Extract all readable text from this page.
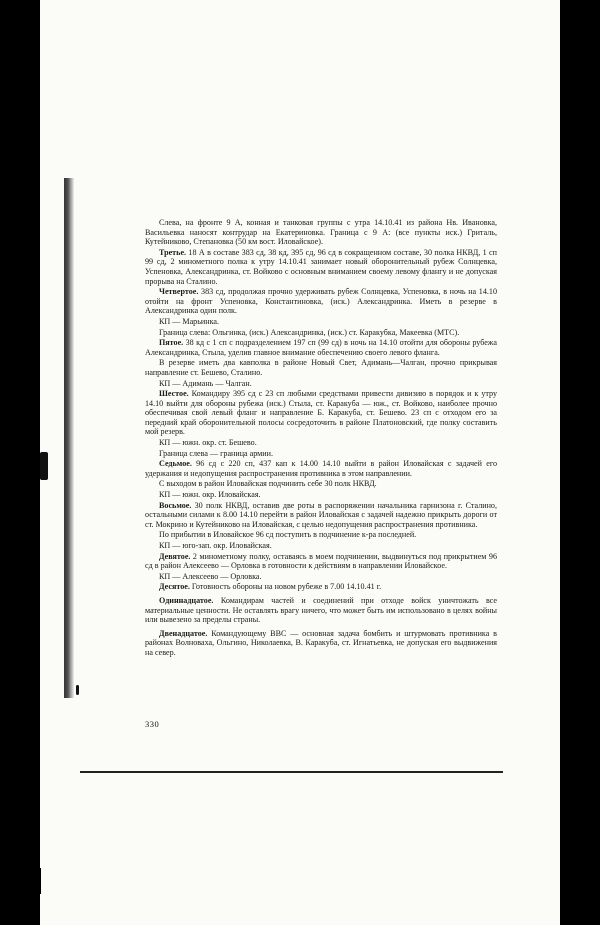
Слева, на фронте 9 А, конная и танковая группы с утра 14.10.41 из района Нв. Ивановка, Васильевка наносят контрудар на Екатериновка. Граница с 9 А: (все пункты иск.) Гриталь, Кутейниково, Степановка (50 км вост. Иловайское).

Третье. 18 А в составе 383 сд, 38 кд, 395 сд, 96 сд в сокращенном составе, 30 полка НКВД, 1 сп 99 сд, 2 минометного полка к утру 14.10.41 занимает новый оборонительный рубеж Солнцевка, Успеновка, Александринка, ст. Войково с основным вниманием своему левому флангу и не допуская прорыва на Сталино.

Четвертое. 383 сд, продолжая прочно удерживать рубеж Солнцевка, Успеновка, в ночь на 14.10 отойти на фронт Успеновка, Константиновка, (иск.) Александринка. Иметь в резерве в Александринка один полк.

КП — Марьинка.

Граница слева: Ольгинка, (иск.) Александринка, (иск.) ст. Каракубка, Макеевка (МТС).

Пятое. 38 кд с 1 сп с подразделением 197 сп (99 сд) в ночь на 14.10 отойти для обороны рубежа Александринка, Стыла, уделив главное внимание обеспечению своего левого фланга.

В резерве иметь два кавполка в районе Новый Свет, Адимань—Чалган, прочно прикрывая направление ст. Бешево, Сталино.

КП — Адимань — Чалган.

Шестое. Командиру 395 сд с 23 сп любыми средствами привести дивизию в порядок и к утру 14.10 выйти для обороны рубежа (иск.) Стыла, ст. Каракуба — юж., ст. Войково, наиболее прочно обеспечивая свой левый фланг и направление Б. Каракуба, ст. Бешево. 23 сп с отходом его за передний край оборонительной полосы сосредоточить в районе Платоновский, где полку составить мой резерв.

КП — южн. окр. ст. Бешево.

Граница слева — граница армии.

Седьмое. 96 сд с 220 сп, 437 кап к 14.00 14.10 выйти в район Иловайская с задачей его удержания и недопущения распространения противника в этом направлении.

С выходом в район Иловайская подчинить себе 30 полк НКВД.

КП — южн. окр. Иловайская.

Восьмое. 30 полк НКВД, оставив две роты в распоряжении начальника гарнизона г. Сталино, остальными силами к 8.00 14.10 перейти в район Иловайская с задачей надежно прикрыть дороги от ст. Мокрино и Кутейниково на Иловайская, с целью недопущения распространения противника.

По прибытии в Иловайское 96 сд поступить в подчинение к-ра последней.

КП — юго-зап. окр. Иловайская.

Девятое. 2 минометному полку, оставаясь в моем подчинении, выдвинуться под прикрытием 96 сд в район Алексеево — Орловка в готовности к действиям в направлении Иловайское.

КП — Алексеево — Орловка.

Десятое. Готовность обороны на новом рубеже в 7.00 14.10.41 г.

Одиннадцатое. Командирам частей и соединений при отходе войск уничтожать все материальные ценности. Не оставлять врагу ничего, что может быть им использовано в целях войны или вывезено за пределы страны.

Двенадцатое. Командующему ВВС — основная задача бомбить и штурмовать противника в районах Волноваха, Ольгино, Николаевка, В. Каракуба, ст. Игнатьевка, не допуская его выдвижения на север.

330
